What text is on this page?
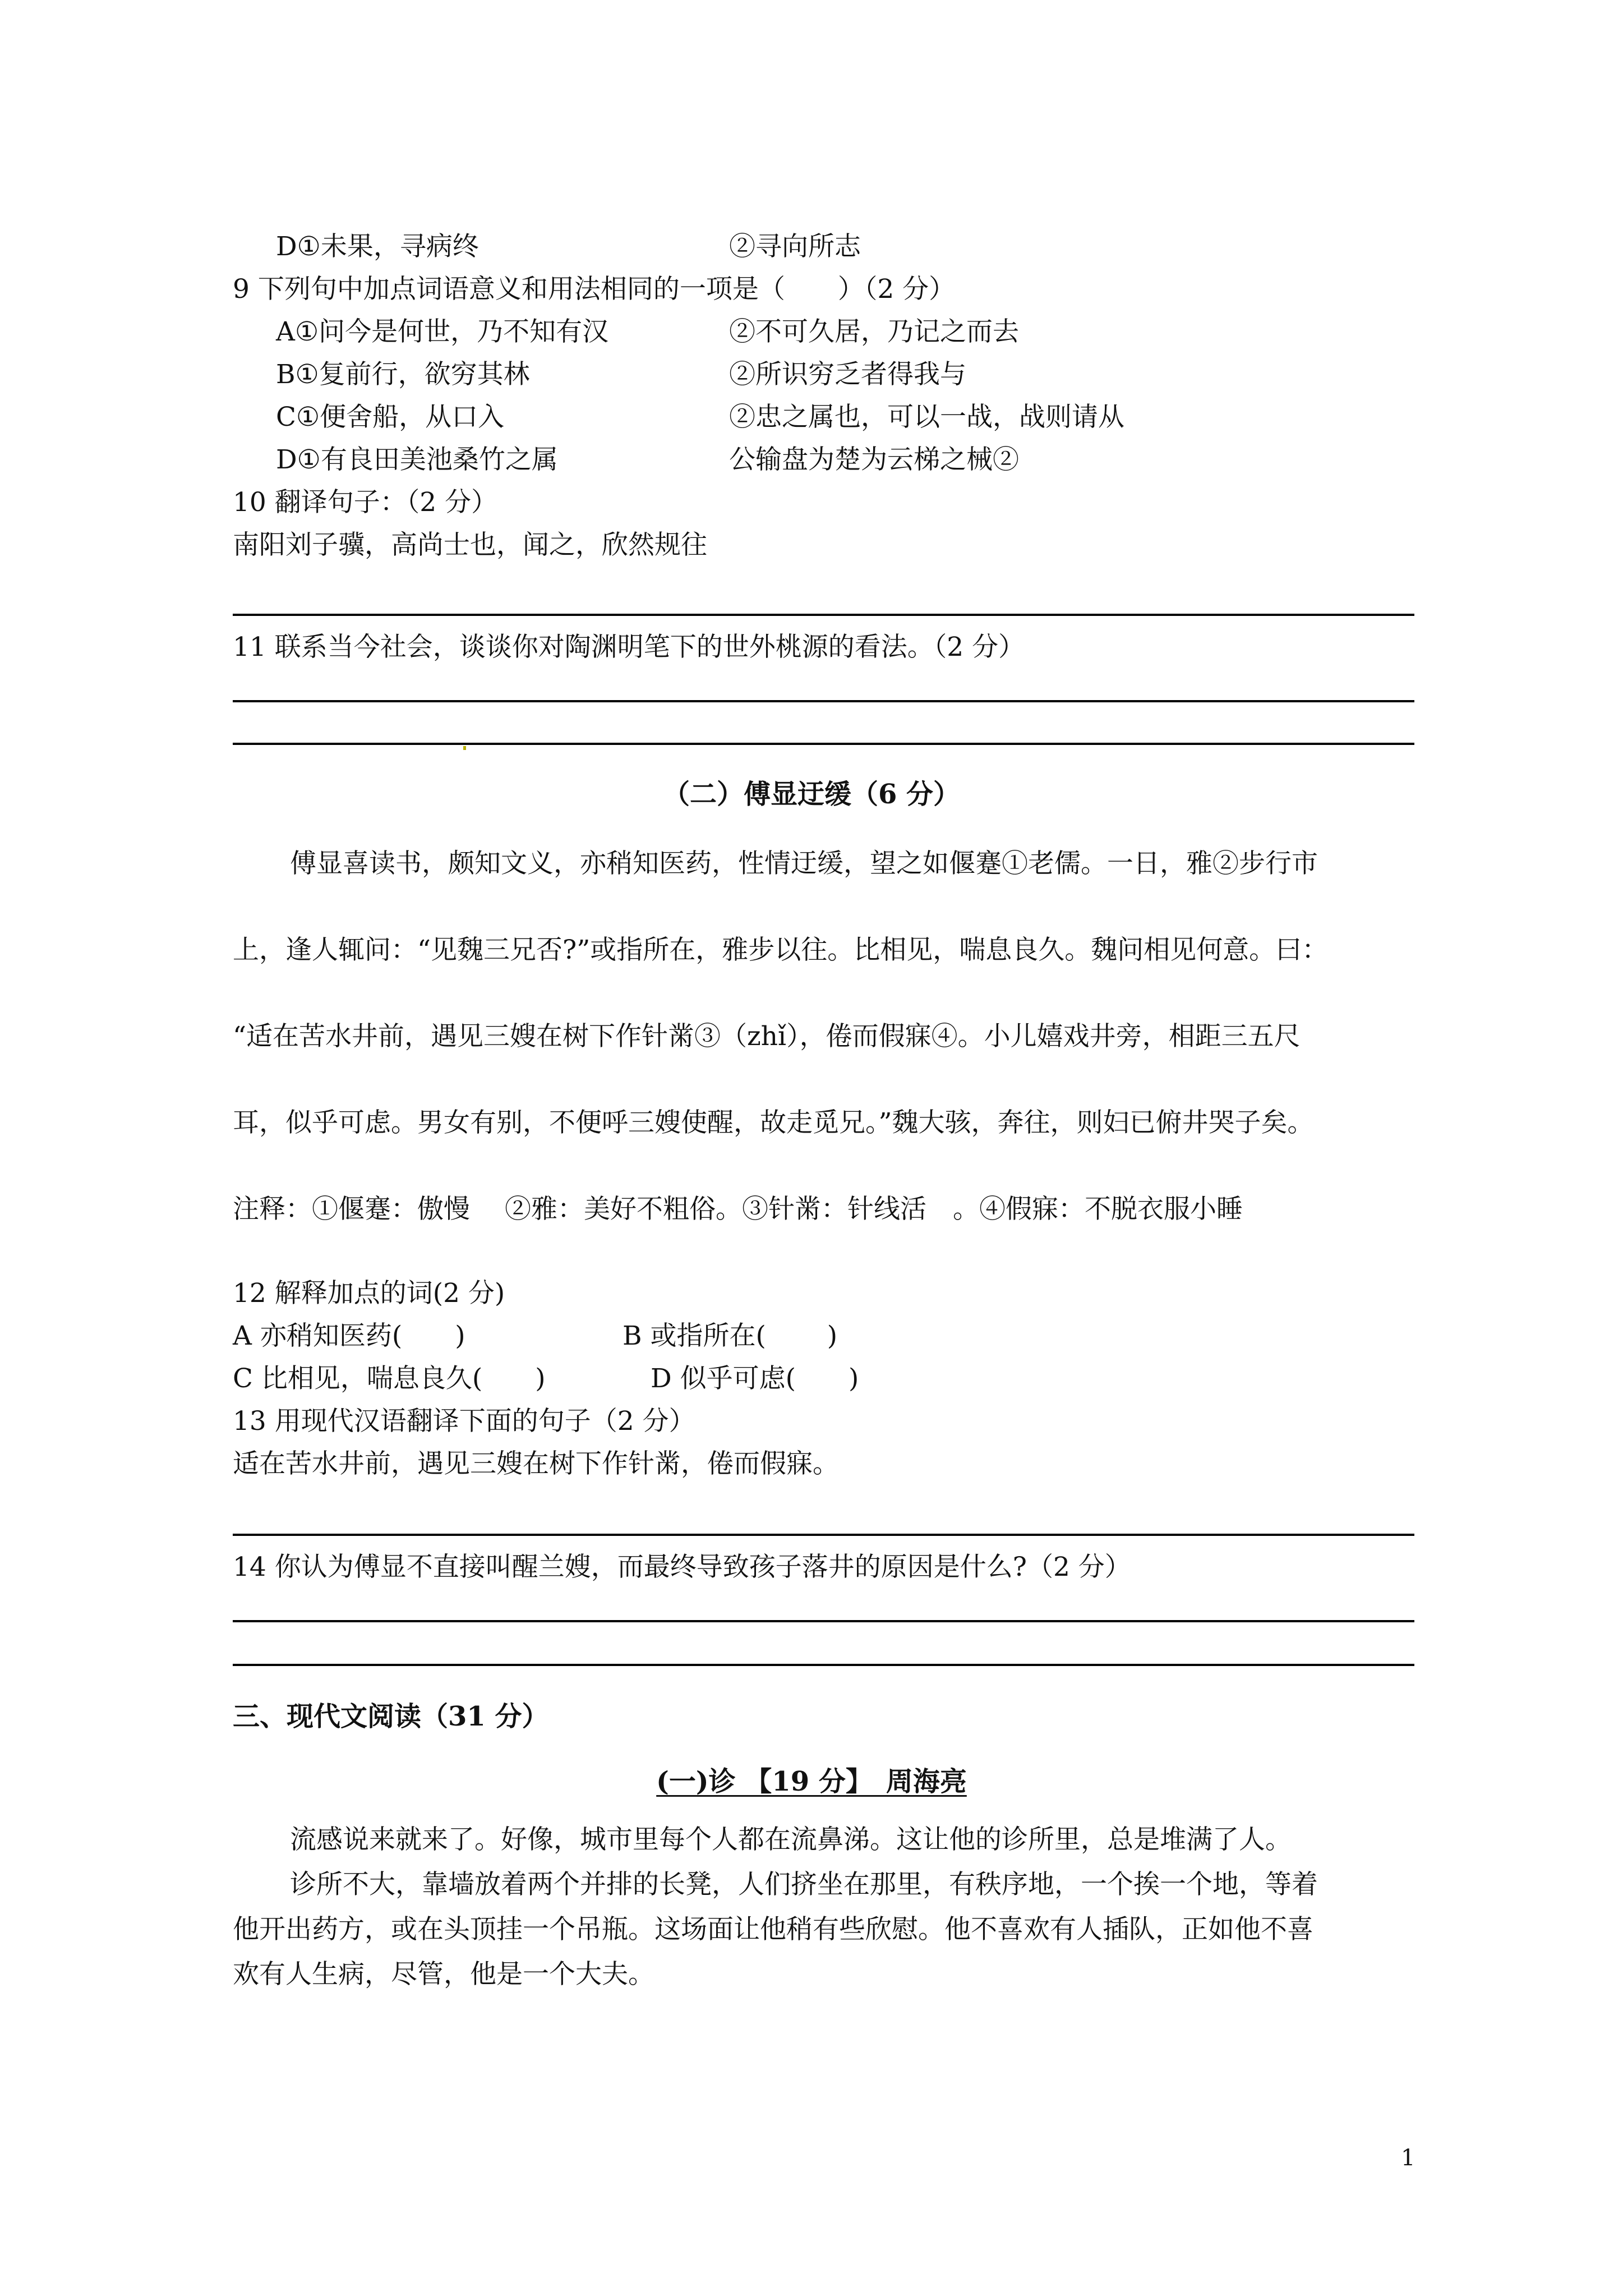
D①未果，寻病终	②寻向所志
9 下列句中加点词语意义和用法相同的一项是（　　）（2 分）
A①问今是何世，乃不知有汉	②不可久居，乃记之而去
B①复前行，欲穷其林	②所识穷乏者得我与
C①便舍船，从口入	②忠之属也，可以一战，战则请从
D①有良田美池桑竹之属	公输盘为楚为云梯之械②
10 翻译句子：（2 分）
南阳刘子骥，高尚士也，闻之，欣然规往
11 联系当今社会，谈谈你对陶渊明笔下的世外桃源的看法。（2 分）
（二）傅显迂缓（6 分）
傅显喜读书，颇知文义，亦稍知医药，性情迂缓，望之如偃蹇①老儒。一日，雅②步行市
上，逢人辄问：“见魏三兄否?”或指所在，雅步以往。比相见，喘息良久。魏问相见何意。曰：
“适在苦水井前，遇见三嫂在树下作针黹③（zhǐ），倦而假寐④。小儿嬉戏井旁，相距三五尺
耳，似乎可虑。男女有别，不便呼三嫂使醒，故走觅兄。”魏大骇，奔往，则妇已俯井哭子矣。
注释：①偃蹇：傲慢　 ②雅：美好不粗俗。③针黹：针线活　。④假寐：不脱衣服小睡
12 解释加点的词(2 分)
A 亦稍知医药(　　)	B 或指所在(　　 )
C 比相见，喘息良久(　　)	D 似乎可虑(　　)
13 用现代汉语翻译下面的句子（2 分）
适在苦水井前，遇见三嫂在树下作针黹，倦而假寐。
14 你认为傅显不直接叫醒兰嫂，而最终导致孩子落井的原因是什么?（2 分）
三、现代文阅读（31 分）
(一)诊 【19 分】　周海亮
流感说来就来了。好像，城市里每个人都在流鼻涕。这让他的诊所里，总是堆满了人。
诊所不大，靠墙放着两个并排的长凳，人们挤坐在那里，有秩序地，一个挨一个地，等着
他开出药方，或在头顶挂一个吊瓶。这场面让他稍有些欣慰。他不喜欢有人插队，正如他不喜
欢有人生病，尽管，他是一个大夫。
1
